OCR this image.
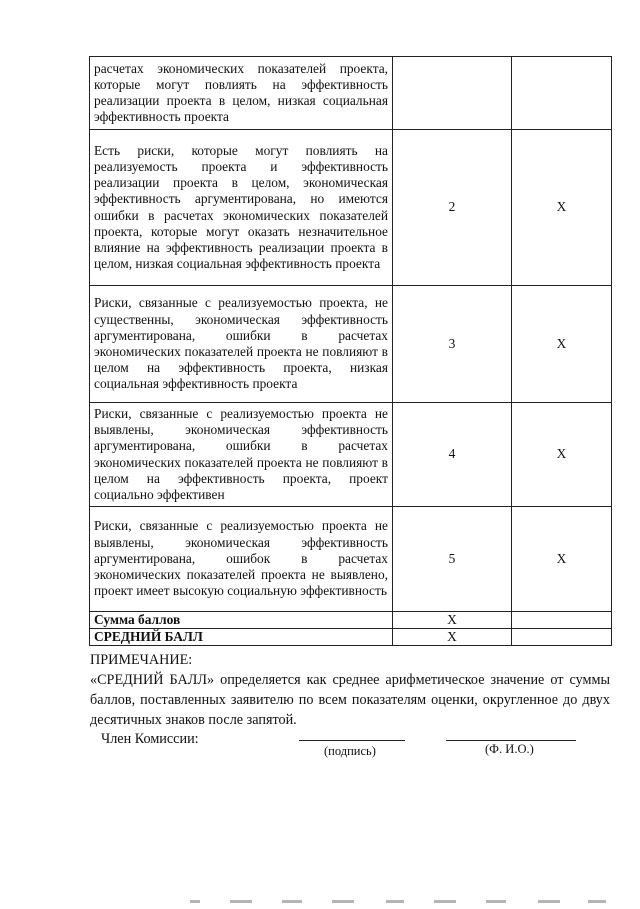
расчетах экономических показателей проекта, которые могут повлиять на эффективность реализации проекта в целом, низкая социальная эффективность проекта		
Есть риски, которые могут повлиять на реализуемость проекта и эффективность реализации проекта в целом, экономическая эффективность аргументирована, но имеются ошибки в расчетах экономических показателей проекта, которые могут оказать незначительное влияние на эффективность реализации проекта в целом, низкая социальная эффективность проекта	2	X
Риски, связанные с реализуемостью проекта, не существенны, экономическая эффективность аргументирована, ошибки в расчетах экономических показателей проекта не повлияют в целом на эффективность проекта, низкая социальная эффективность проекта	3	X
Риски, связанные с реализуемостью проекта не выявлены, экономическая эффективность аргументирована, ошибки в расчетах экономических показателей проекта не повлияют в целом на эффективность проекта, проект социально эффективен	4	X
Риски, связанные с реализуемостью проекта не выявлены, экономическая эффективность аргументирована, ошибок в расчетах экономических показателей проекта не выявлено, проект имеет высокую социальную эффективность	5	X
Сумма баллов	X	
СРЕДНИЙ БАЛЛ	X	
ПРИМЕЧАНИЕ:
«СРЕДНИЙ БАЛЛ» определяется как среднее арифметическое значение от суммы баллов, поставленных заявителю по всем показателям оценки, округленное до двух десятичных знаков после запятой.
Член Комиссии:
(подпись)	(Ф. И.О.)
